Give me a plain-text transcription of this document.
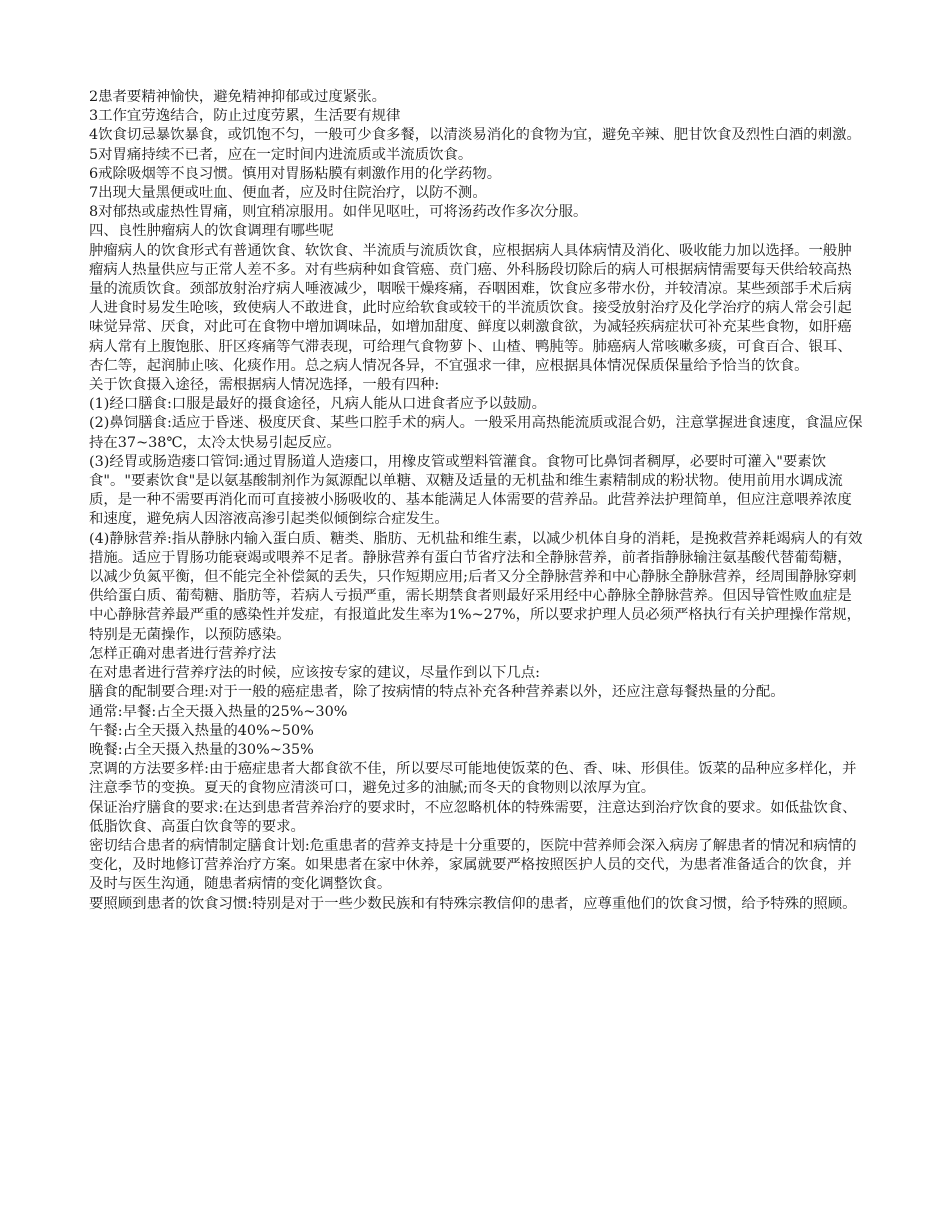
2患者要精神愉快，避免精神抑郁或过度紧张。

3工作宜劳逸结合，防止过度劳累，生活要有规律

4饮食切忌暴饮暴食，或饥饱不匀，一般可少食多餐，以清淡易消化的食物为宜，避免辛辣、肥甘饮食及烈性白酒的刺激。

5对胃痛持续不已者，应在一定时间内进流质或半流质饮食。

6戒除吸烟等不良习惯。慎用对胃肠粘膜有刺激作用的化学药物。

7出现大量黑便或吐血、便血者，应及时住院治疗，以防不测。

8对郁热或虚热性胃痛，则宜稍凉服用。如伴见呕吐，可将汤药改作多次分服。

四、良性肿瘤病人的饮食调理有哪些呢

肿瘤病人的饮食形式有普通饮食、软饮食、半流质与流质饮食，应根据病人具体病情及消化、吸收能力加以选择。一般肿瘤病人热量供应与正常人差不多。对有些病种如食管癌、贲门癌、外科肠段切除后的病人可根据病情需要每天供给较高热量的流质饮食。颈部放射治疗病人唾液减少，咽喉干燥疼痛，吞咽困难，饮食应多带水份，并较清凉。某些颈部手术后病人进食时易发生呛咳，致使病人不敢进食，此时应给软食或较干的半流质饮食。接受放射治疗及化学治疗的病人常会引起味觉异常、厌食，对此可在食物中增加调味品，如增加甜度、鲜度以刺激食欲，为减轻疾病症状可补充某些食物，如肝癌病人常有上腹饱胀、肝区疼痛等气滞表现，可给理气食物萝卜、山楂、鸭肫等。肺癌病人常咳嗽多痰，可食百合、银耳、杏仁等，起润肺止咳、化痰作用。总之病人情况各异，不宜强求一律，应根据具体情况保质保量给予恰当的饮食。

关于饮食摄入途径，需根据病人情况选择，一般有四种:

(1)经口膳食:口服是最好的摄食途径，凡病人能从口进食者应予以鼓励。

(2)鼻饲膳食:适应于昏迷、极度厌食、某些口腔手术的病人。一般采用高热能流质或混合奶，注意掌握进食速度，食温应保持在37~38℃，太冷太快易引起反应。

(3)经胃或肠造瘘口管饲:通过胃肠道人造瘘口，用橡皮管或塑料管灌食。食物可比鼻饲者稠厚，必要时可灌入"要素饮食"。"要素饮食"是以氨基酸制剂作为氮源配以单糖、双糖及适量的无机盐和维生素精制成的粉状物。使用前用水调成流质，是一种不需要再消化而可直接被小肠吸收的、基本能满足人体需要的营养品。此营养法护理简单，但应注意喂养浓度和速度，避免病人因溶液高渗引起类似倾倒综合症发生。

(4)静脉营养:指从静脉内输入蛋白质、糖类、脂肪、无机盐和维生素，以减少机体自身的消耗，是挽救营养耗竭病人的有效措施。适应于胃肠功能衰竭或喂养不足者。静脉营养有蛋白节省疗法和全静脉营养，前者指静脉输注氨基酸代替葡萄糖，以减少负氮平衡，但不能完全补偿氮的丢失，只作短期应用;后者又分全静脉营养和中心静脉全静脉营养，经周围静脉穿刺供给蛋白质、葡萄糖、脂肪等，若病人亏损严重，需长期禁食者则最好采用经中心静脉全静脉营养。但因导管性败血症是中心静脉营养最严重的感染性并发症，有报道此发生率为1%~27%，所以要求护理人员必须严格执行有关护理操作常规，特别是无菌操作，以预防感染。

怎样正确对患者进行营养疗法

在对患者进行营养疗法的时候，应该按专家的建议，尽量作到以下几点:

膳食的配制要合理:对于一般的癌症患者，除了按病情的特点补充各种营养素以外，还应注意每餐热量的分配。

通常:早餐:占全天摄入热量的25%~30%

午餐:占全天摄入热量的40%~50%

晚餐:占全天摄入热量的30%~35%

烹调的方法要多样:由于癌症患者大都食欲不佳，所以要尽可能地使饭菜的色、香、味、形俱佳。饭菜的品种应多样化，并注意季节的变换。夏天的食物应清淡可口，避免过多的油腻;而冬天的食物则以浓厚为宜。

保证治疗膳食的要求:在达到患者营养治疗的要求时，不应忽略机体的特殊需要，注意达到治疗饮食的要求。如低盐饮食、低脂饮食、高蛋白饮食等的要求。

密切结合患者的病情制定膳食计划:危重患者的营养支持是十分重要的，医院中营养师会深入病房了解患者的情况和病情的变化，及时地修订营养治疗方案。如果患者在家中休养，家属就要严格按照医护人员的交代，为患者准备适合的饮食，并及时与医生沟通，随患者病情的变化调整饮食。

要照顾到患者的饮食习惯:特别是对于一些少数民族和有特殊宗教信仰的患者，应尊重他们的饮食习惯，给予特殊的照顾。
